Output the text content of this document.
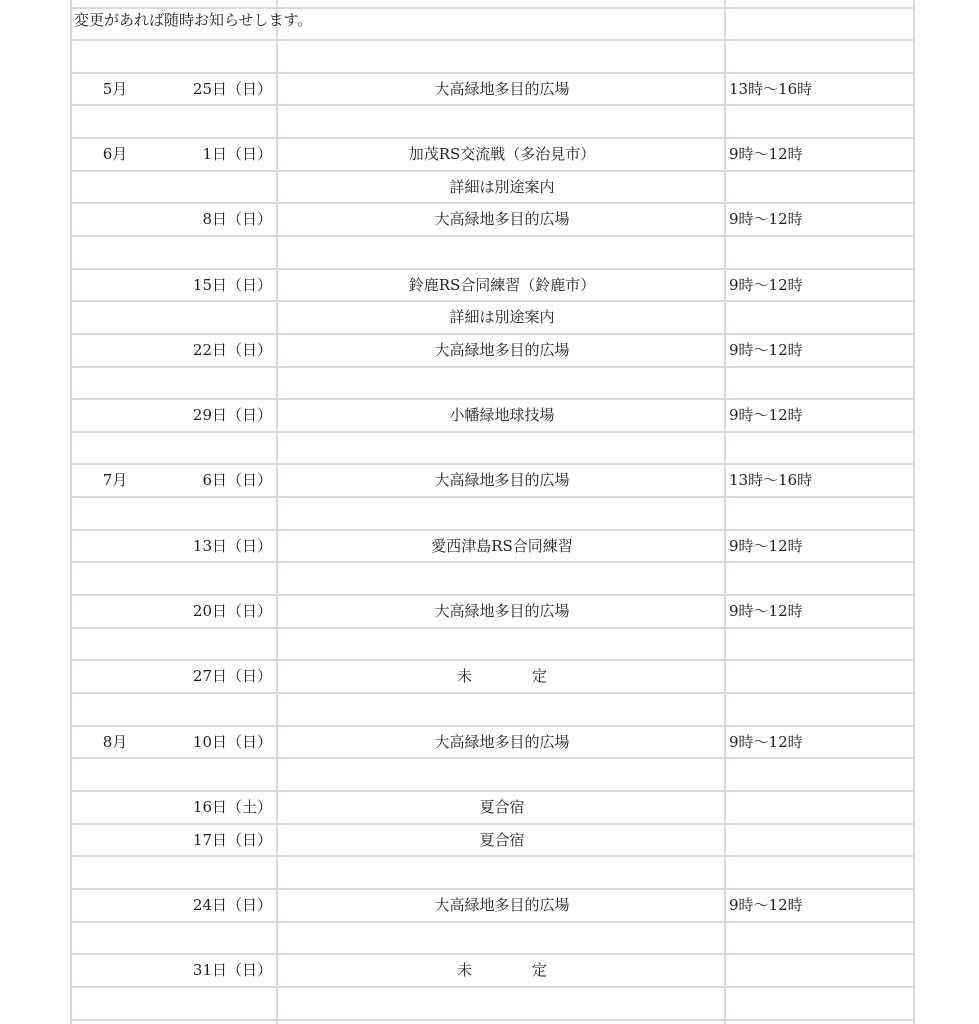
変更があれば随時お知らせします。
5月	25日（日）	大高緑地多目的広場	13時〜16時
6月	1日（日）	加茂RS交流戦（多治見市）	9時〜12時
詳細は別途案内
8日（日）	大高緑地多目的広場	9時〜12時
15日（日）	鈴鹿RS合同練習（鈴鹿市）	9時〜12時
詳細は別途案内
22日（日）	大高緑地多目的広場	9時〜12時
29日（日）	小幡緑地球技場	9時〜12時
7月	6日（日）	大高緑地多目的広場	13時〜16時
13日（日）	愛西津島RS合同練習	9時〜12時
20日（日）	大高緑地多目的広場	9時〜12時
27日（日）	未　　　　定
8月	10日（日）	大高緑地多目的広場	9時〜12時
16日（土）	夏合宿
17日（日）	夏合宿
24日（日）	大高緑地多目的広場	9時〜12時
31日（日）	未　　　　定
